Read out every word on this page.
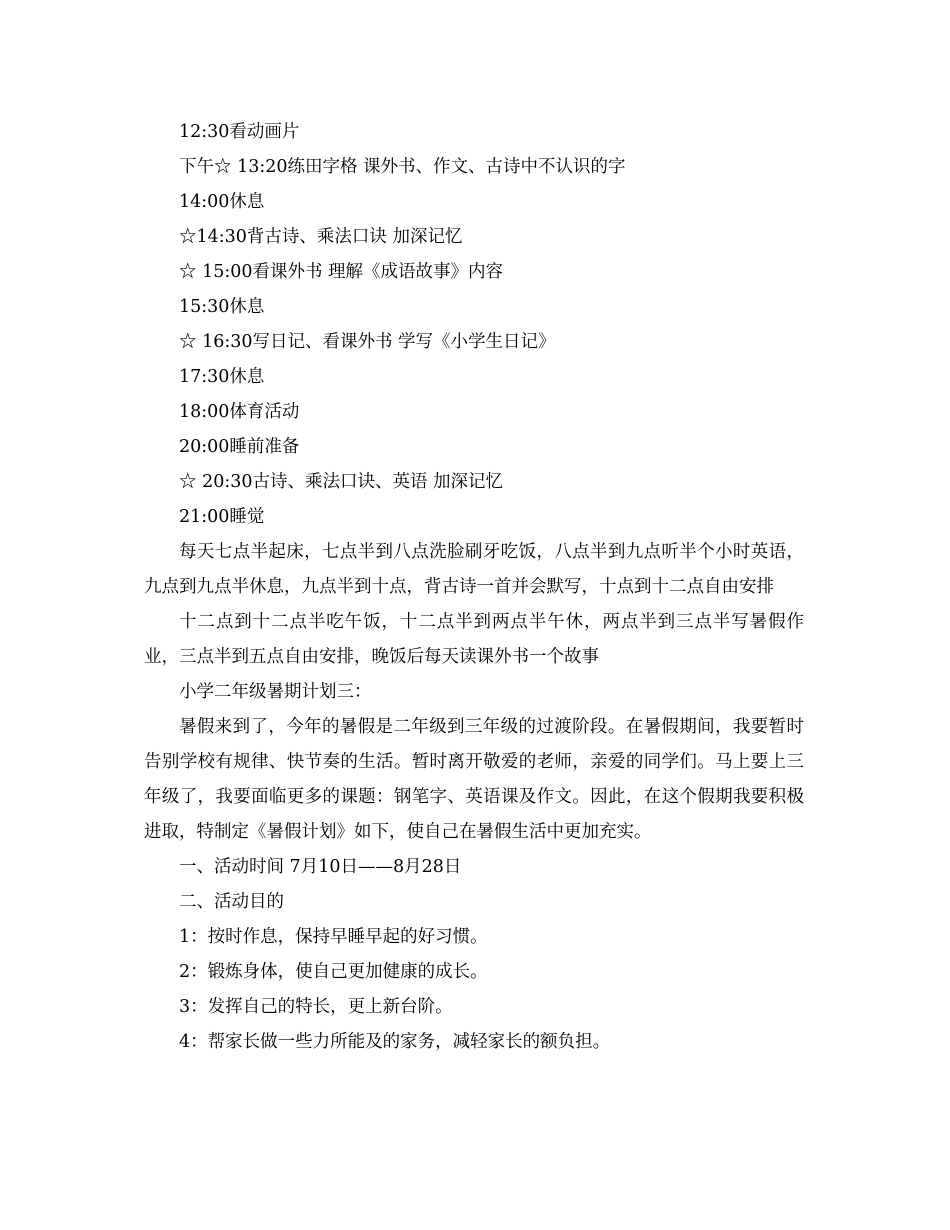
12:30看动画片

下午☆ 13:20练田字格 课外书、作文、古诗中不认识的字

14:00休息

☆14:30背古诗、乘法口诀 加深记忆

☆ 15:00看课外书 理解《成语故事》内容

15:30休息

☆ 16:30写日记、看课外书 学写《小学生日记》

17:30休息

18:00体育活动

20:00睡前准备

☆ 20:30古诗、乘法口诀、英语 加深记忆

21:00睡觉

每天七点半起床，七点半到八点洗脸刷牙吃饭，八点半到九点听半个小时英语，九点到九点半休息，九点半到十点，背古诗一首并会默写，十点到十二点自由安排

十二点到十二点半吃午饭，十二点半到两点半午休，两点半到三点半写暑假作业，三点半到五点自由安排，晚饭后每天读课外书一个故事

小学二年级暑期计划三：

暑假来到了，今年的暑假是二年级到三年级的过渡阶段。在暑假期间，我要暂时告别学校有规律、快节奏的生活。暂时离开敬爱的老师，亲爱的同学们。马上要上三年级了，我要面临更多的课题：钢笔字、英语课及作文。因此，在这个假期我要积极进取，特制定《暑假计划》如下，使自己在暑假生活中更加充实。

一、活动时间 7月10日——8月28日

二、活动目的

1：按时作息，保持早睡早起的好习惯。

2：锻炼身体，使自己更加健康的成长。

3：发挥自己的特长，更上新台阶。

4：帮家长做一些力所能及的家务，减轻家长的额负担。
